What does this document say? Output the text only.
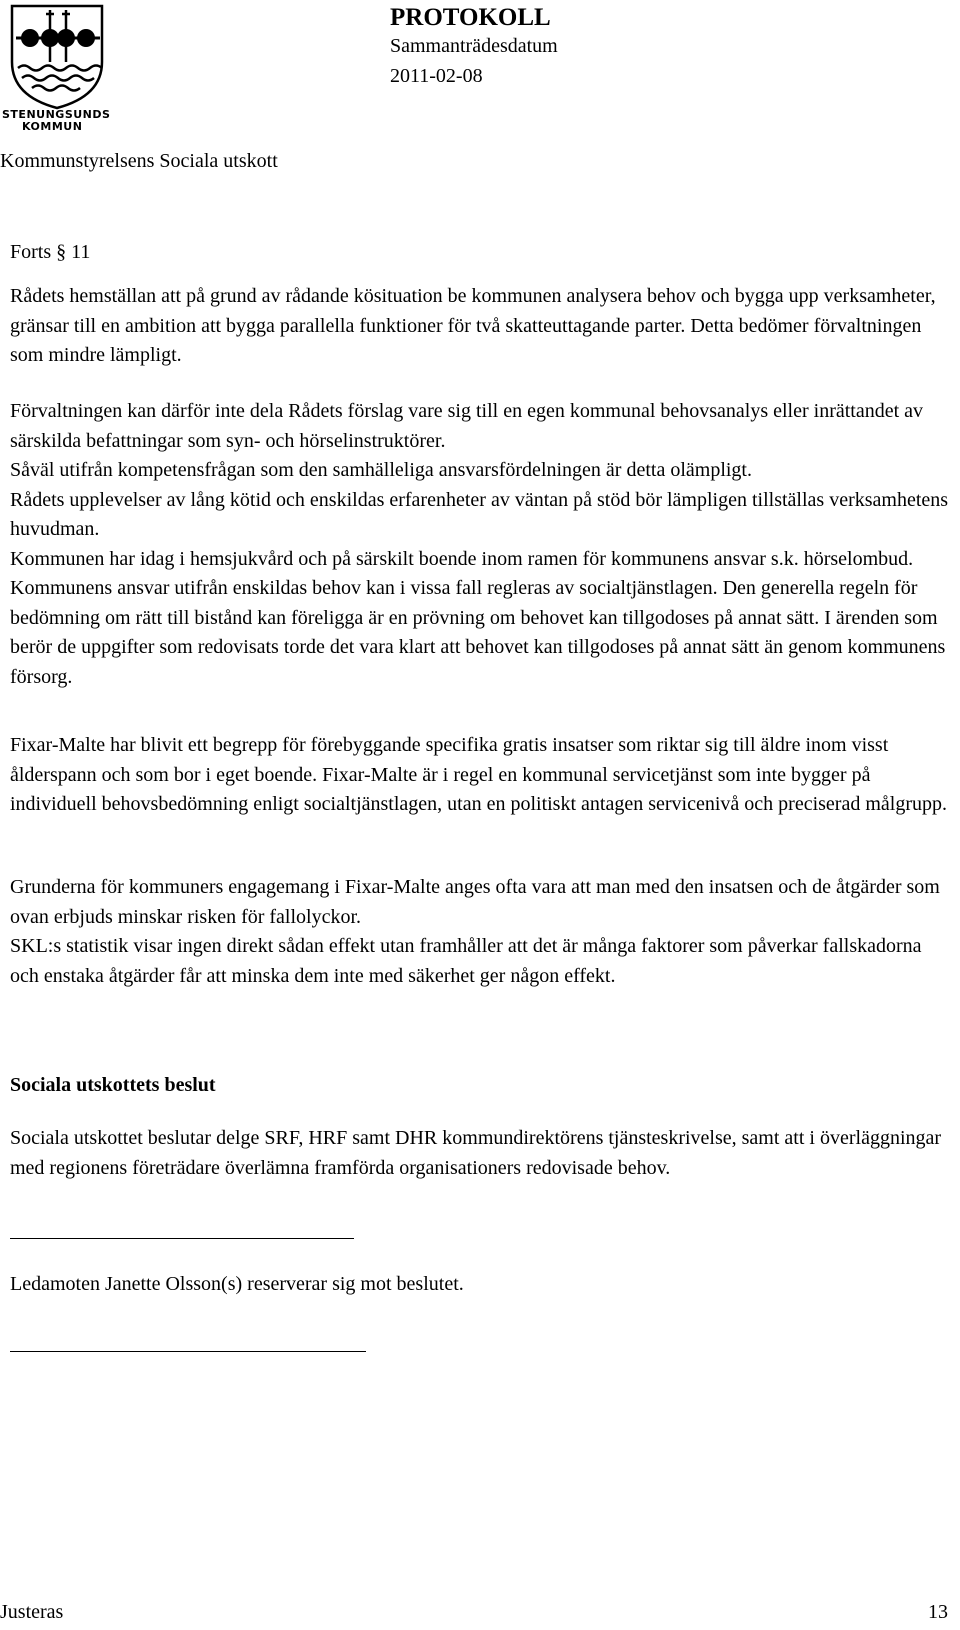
STENUNGSUNDS
KOMMUN
PROTOKOLL
Sammanträdesdatum
2011-02-08
Kommunstyrelsens Sociala utskott
Forts § 11

Rådets hemställan att på grund av rådande kösituation be kommunen analysera behov och bygga upp verksamheter, gränsar till en ambition att bygga parallella funktioner för två skatteuttagande parter. Detta bedömer förvaltningen som mindre lämpligt.

Förvaltningen kan därför inte dela Rådets förslag vare sig till en egen kommunal behovsanalys eller inrättandet av särskilda befattningar som syn- och hörselinstruktörer.

Såväl utifrån kompetensfrågan som den samhälleliga ansvarsfördelningen är detta olämpligt.

Rådets upplevelser av lång kötid och enskildas erfarenheter av väntan på stöd bör lämpligen tillställas verksamhetens huvudman.

Kommunen har idag i hemsjukvård och på särskilt boende inom ramen för kommunens ansvar s.k. hörselombud.

Kommunens ansvar utifrån enskildas behov kan i vissa fall regleras av socialtjänstlagen. Den generella regeln för bedömning om rätt till bistånd kan föreligga är en prövning om behovet kan tillgodoses på annat sätt. I ärenden som berör de uppgifter som redovisats torde det vara klart att behovet kan tillgodoses på annat sätt än genom kommunens försorg.

Fixar-Malte har blivit ett begrepp för förebyggande specifika gratis insatser som riktar sig till äldre inom visst ålderspann och som bor i eget boende. Fixar-Malte är i regel en kommunal servicetjänst som inte bygger på individuell behovsbedömning enligt socialtjänstlagen, utan en politiskt antagen servicenivå och preciserad målgrupp.

Grunderna för kommuners engagemang i Fixar-Malte anges ofta vara att man med den insatsen och de åtgärder som ovan erbjuds minskar risken för fallolyckor.

SKL:s statistik visar ingen direkt sådan effekt utan framhåller att det är många faktorer som påverkar fallskadorna och enstaka åtgärder får att minska dem inte med säkerhet ger någon effekt.

Sociala utskottets beslut

Sociala utskottet beslutar delge SRF, HRF samt DHR kommundirektörens tjänsteskrivelse, samt att i överläggningar med regionens företrädare överlämna framförda organisationers redovisade behov.

Ledamoten Janette Olsson(s) reserverar sig mot beslutet.
Justeras	13
